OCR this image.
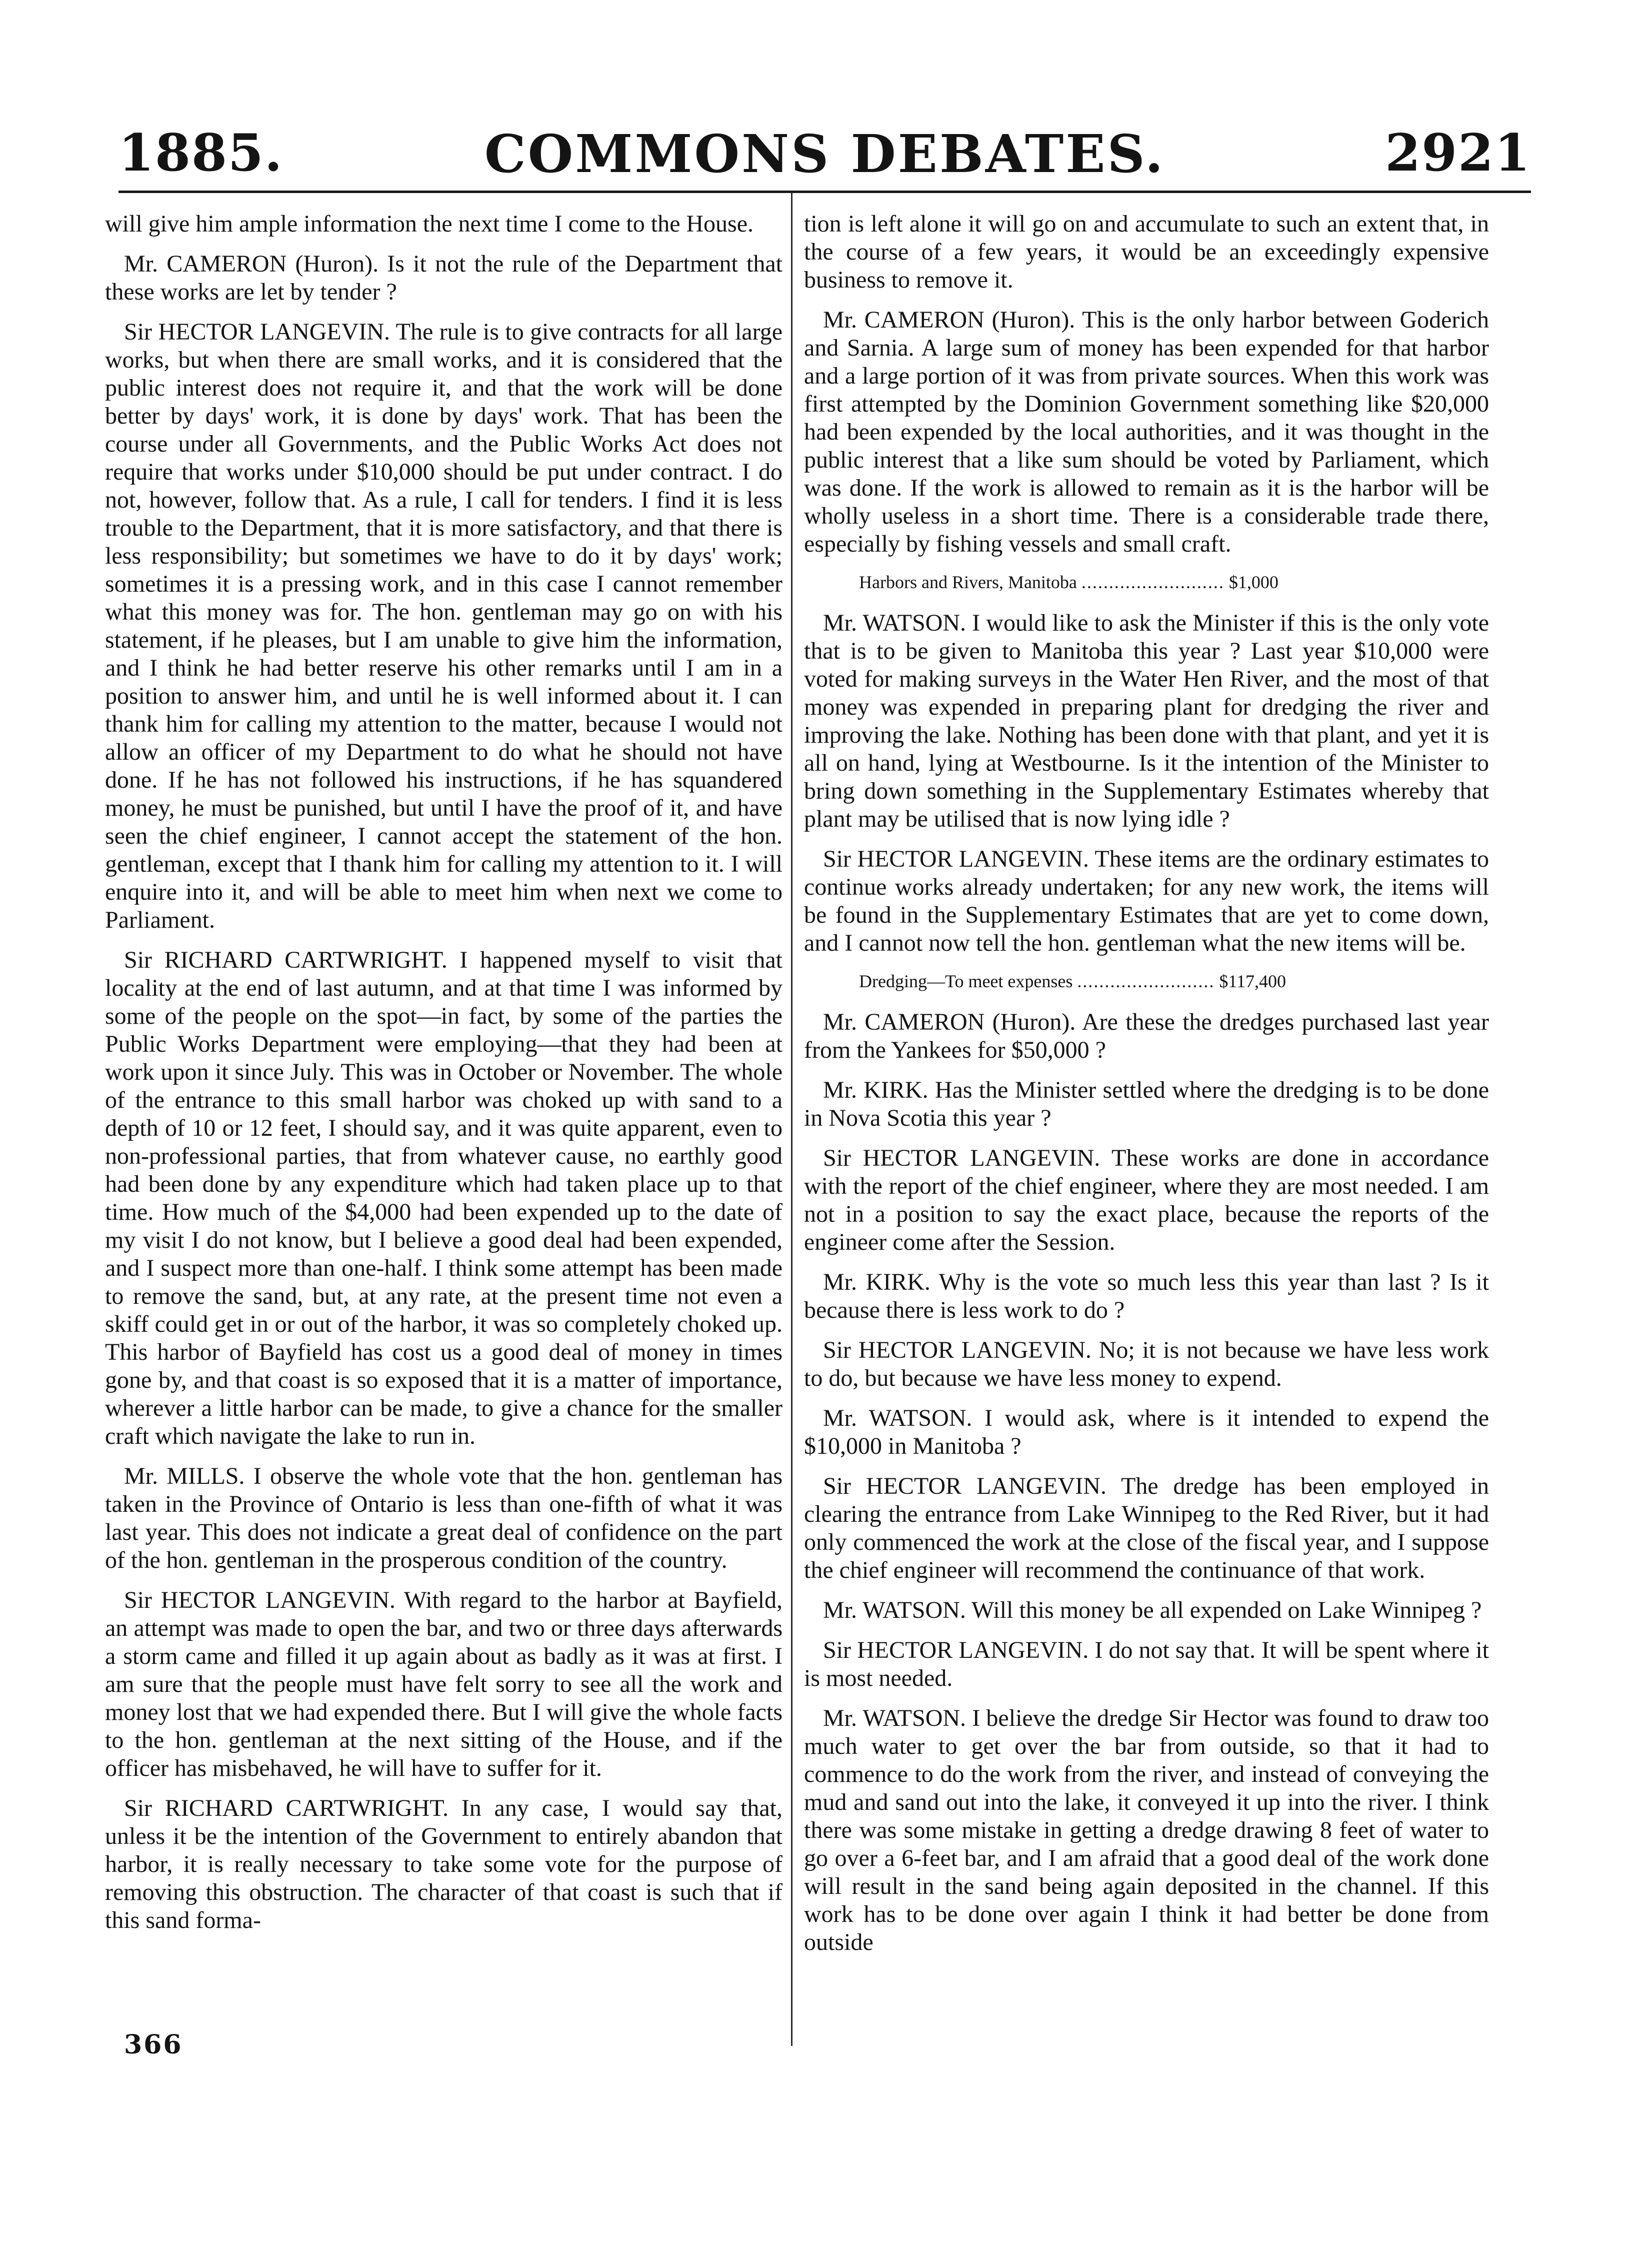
1885.	COMMONS DEBATES.	2921

will give him ample information the next time I come to the House.

Mr. CAMERON (Huron). Is it not the rule of the Department that these works are let by tender ?

Sir HECTOR LANGEVIN. The rule is to give contracts for all large works, but when there are small works, and it is considered that the public interest does not require it, and that the work will be done better by days' work, it is done by days' work. That has been the course under all Governments, and the Public Works Act does not require that works under $10,000 should be put under contract. I do not, however, follow that. As a rule, I call for tenders. I find it is less trouble to the Department, that it is more satisfactory, and that there is less responsibility; but sometimes we have to do it by days' work; sometimes it is a pressing work, and in this case I cannot remember what this money was for. The hon. gentleman may go on with his statement, if he pleases, but I am unable to give him the information, and I think he had better reserve his other remarks until I am in a position to answer him, and until he is well informed about it. I can thank him for calling my attention to the matter, because I would not allow an officer of my Department to do what he should not have done. If he has not followed his instructions, if he has squandered money, he must be punished, but until I have the proof of it, and have seen the chief engineer, I cannot accept the statement of the hon. gentleman, except that I thank him for calling my attention to it. I will enquire into it, and will be able to meet him when next we come to Parliament.

Sir RICHARD CARTWRIGHT. I happened myself to visit that locality at the end of last autumn, and at that time I was informed by some of the people on the spot—in fact, by some of the parties the Public Works Department were employing—that they had been at work upon it since July. This was in October or November. The whole of the entrance to this small harbor was choked up with sand to a depth of 10 or 12 feet, I should say, and it was quite apparent, even to non-professional parties, that from whatever cause, no earthly good had been done by any expenditure which had taken place up to that time. How much of the $4,000 had been expended up to the date of my visit I do not know, but I believe a good deal had been expended, and I suspect more than one-half. I think some attempt has been made to remove the sand, but, at any rate, at the present time not even a skiff could get in or out of the harbor, it was so completely choked up. This harbor of Bayfield has cost us a good deal of money in times gone by, and that coast is so exposed that it is a matter of importance, wherever a little harbor can be made, to give a chance for the smaller craft which navigate the lake to run in.

Mr. MILLS. I observe the whole vote that the hon. gentleman has taken in the Province of Ontario is less than one-fifth of what it was last year. This does not indicate a great deal of confidence on the part of the hon. gentleman in the prosperous condition of the country.

Sir HECTOR LANGEVIN. With regard to the harbor at Bayfield, an attempt was made to open the bar, and two or three days afterwards a storm came and filled it up again about as badly as it was at first. I am sure that the people must have felt sorry to see all the work and money lost that we had expended there. But I will give the whole facts to the hon. gentleman at the next sitting of the House, and if the officer has misbehaved, he will have to suffer for it.

Sir RICHARD CARTWRIGHT. In any case, I would say that, unless it be the intention of the Government to entirely abandon that harbor, it is really necessary to take some vote for the purpose of removing this obstruction. The character of that coast is such that if this sand forma-

tion is left alone it will go on and accumulate to such an extent that, in the course of a few years, it would be an exceedingly expensive business to remove it.

Mr. CAMERON (Huron). This is the only harbor between Goderich and Sarnia. A large sum of money has been expended for that harbor and a large portion of it was from private sources. When this work was first attempted by the Dominion Government something like $20,000 had been expended by the local authorities, and it was thought in the public interest that a like sum should be voted by Parliament, which was done. If the work is allowed to remain as it is the harbor will be wholly useless in a short time. There is a considerable trade there, especially by fishing vessels and small craft.

Harbors and Rivers, Manitoba .......................... $1,000

Mr. WATSON. I would like to ask the Minister if this is the only vote that is to be given to Manitoba this year ? Last year $10,000 were voted for making surveys in the Water Hen River, and the most of that money was expended in preparing plant for dredging the river and improving the lake. Nothing has been done with that plant, and yet it is all on hand, lying at Westbourne. Is it the intention of the Minister to bring down something in the Supplementary Estimates whereby that plant may be utilised that is now lying idle ?

Sir HECTOR LANGEVIN. These items are the ordinary estimates to continue works already undertaken; for any new work, the items will be found in the Supplementary Estimates that are yet to come down, and I cannot now tell the hon. gentleman what the new items will be.

Dredging—To meet expenses ......................... $117,400

Mr. CAMERON (Huron). Are these the dredges purchased last year from the Yankees for $50,000 ?

Mr. KIRK. Has the Minister settled where the dredging is to be done in Nova Scotia this year ?

Sir HECTOR LANGEVIN. These works are done in accordance with the report of the chief engineer, where they are most needed. I am not in a position to say the exact place, because the reports of the engineer come after the Session.

Mr. KIRK. Why is the vote so much less this year than last ? Is it because there is less work to do ?

Sir HECTOR LANGEVIN. No; it is not because we have less work to do, but because we have less money to expend.

Mr. WATSON. I would ask, where is it intended to expend the $10,000 in Manitoba ?

Sir HECTOR LANGEVIN. The dredge has been employed in clearing the entrance from Lake Winnipeg to the Red River, but it had only commenced the work at the close of the fiscal year, and I suppose the chief engineer will recommend the continuance of that work.

Mr. WATSON. Will this money be all expended on Lake Winnipeg ?

Sir HECTOR LANGEVIN. I do not say that. It will be spent where it is most needed.

Mr. WATSON. I believe the dredge Sir Hector was found to draw too much water to get over the bar from outside, so that it had to commence to do the work from the river, and instead of conveying the mud and sand out into the lake, it conveyed it up into the river. I think there was some mistake in getting a dredge drawing 8 feet of water to go over a 6-feet bar, and I am afraid that a good deal of the work done will result in the sand being again deposited in the channel. If this work has to be done over again I think it had better be done from outside

366
